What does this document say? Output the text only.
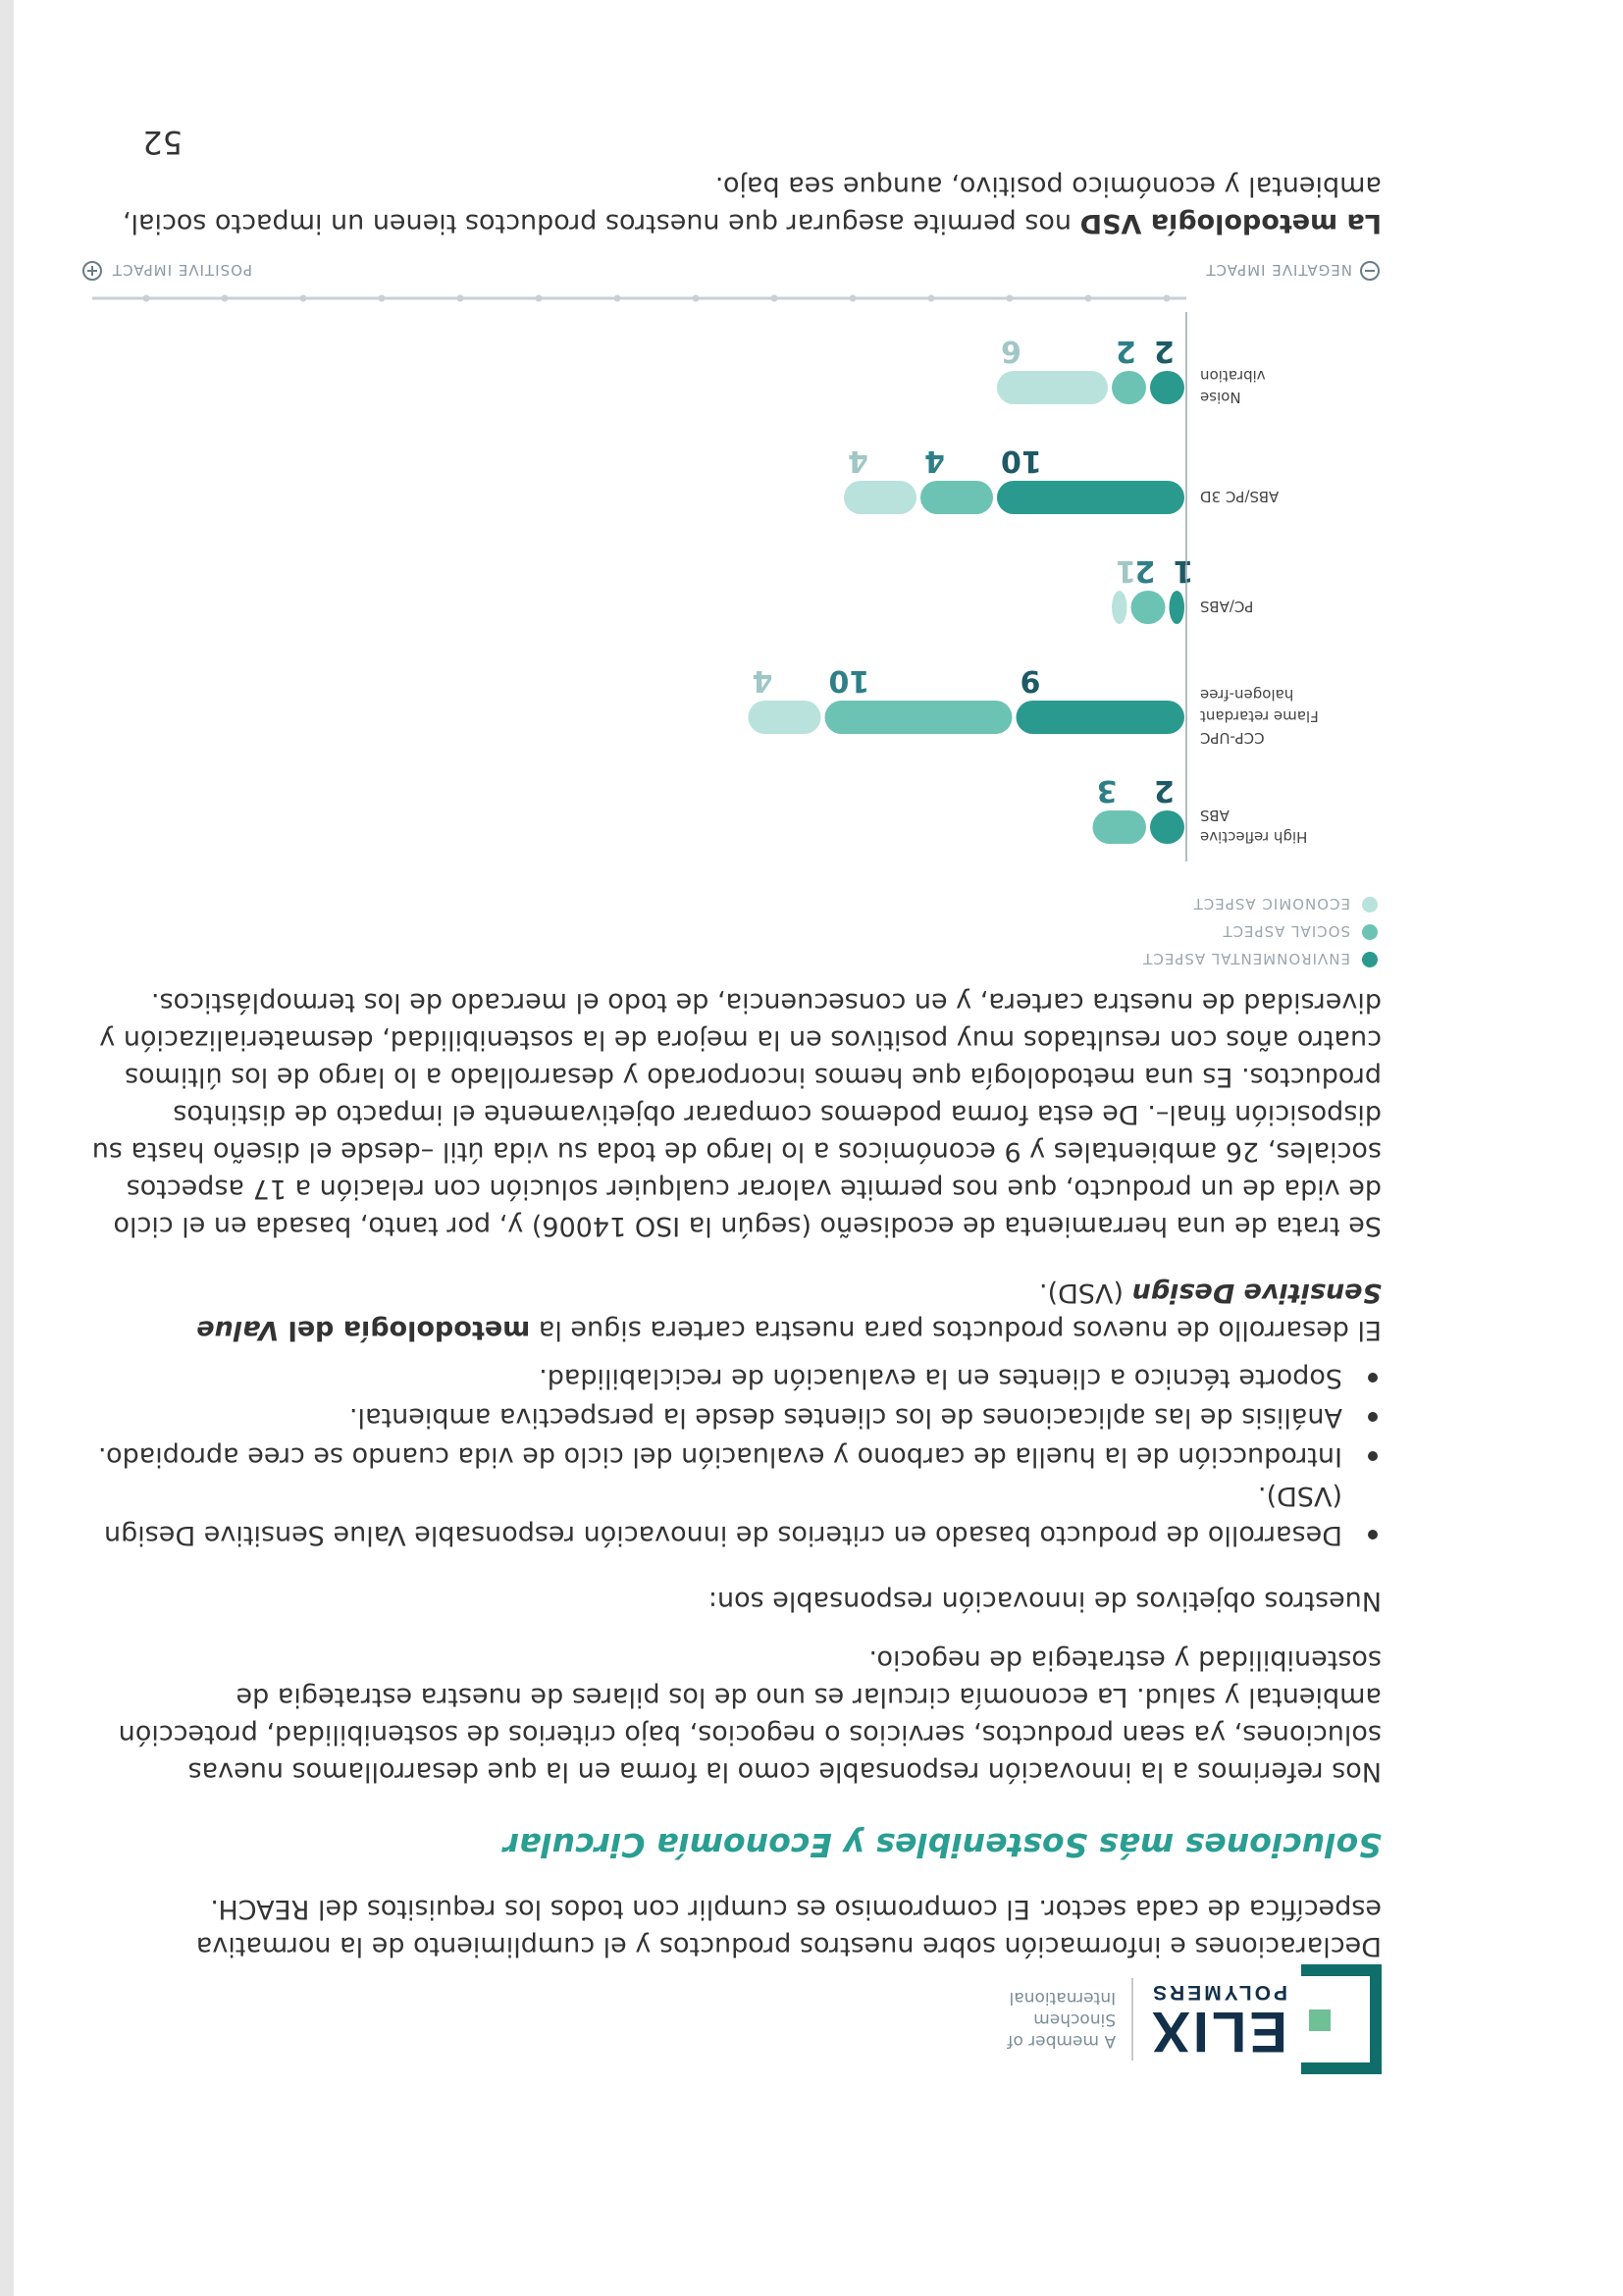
ELIX
POLYMERS
A member of
Sinochem
International

Declaraciones e información sobre nuestros productos y el cumplimiento de la normativa específica de cada sector. El compromiso es cumplir con todos los requisitos del REACH.

Soluciones más Sostenibles y Economía Circular

Nos referimos a la innovación responsable como la forma en la que desarrollamos nuevas soluciones, ya sean productos, servicios o negocios, bajo criterios de sostenibilidad, protección ambiental y salud. La economía circular es uno de los pilares de nuestra estrategia de sostenibilidad y estrategia de negocio.

Nuestros objetivos de innovación responsable son:

Desarrollo de producto basado en criterios de innovación responsable Value Sensitive Design (VSD).
Introducción de la huella de carbono y evaluación del ciclo de vida cuando se cree apropiado.
Análisis de las aplicaciones de los clientes desde la perspectiva ambiental.
Soporte técnico a clientes en la evaluación de reciclabilidad.

El desarrollo de nuevos productos para nuestra cartera sigue la metodología del Value Sensitive Design (VSD).

Se trata de una herramienta de ecodiseño (según la ISO 14006) y, por tanto, basada en el ciclo de vida de un producto, que nos permite valorar cualquier solución con relación a 17 aspectos sociales, 26 ambientales y 9 económicos a lo largo de toda su vida útil –desde el diseño hasta su disposición final–. De esta forma podemos comparar objetivamente el impacto de distintos productos. Es una metodología que hemos incorporado y desarrollado a lo largo de los últimos cuatro años con resultados muy positivos en la mejora de la sostenibilidad, desmaterialización y diversidad de nuestra cartera, y en consecuencia, de todo el mercado de los termoplásticos.

ENVIRONMENTAL ASPECT
SOCIAL ASPECT
ECONOMIC ASPECT
High reflective
ABS
2
3
CCP-UPC
Flame retardant
halogen-free
9
10
4
PC/ABS
1
2
1
ABS/PC 3D
10
4
4
Noise
vibration
2
2
6
NEGATIVE IMPACT
POSITIVE IMPACT

La metodología VSD nos permite asegurar que nuestros productos tienen un impacto social, ambiental y económico positivo, aunque sea bajo.

52
